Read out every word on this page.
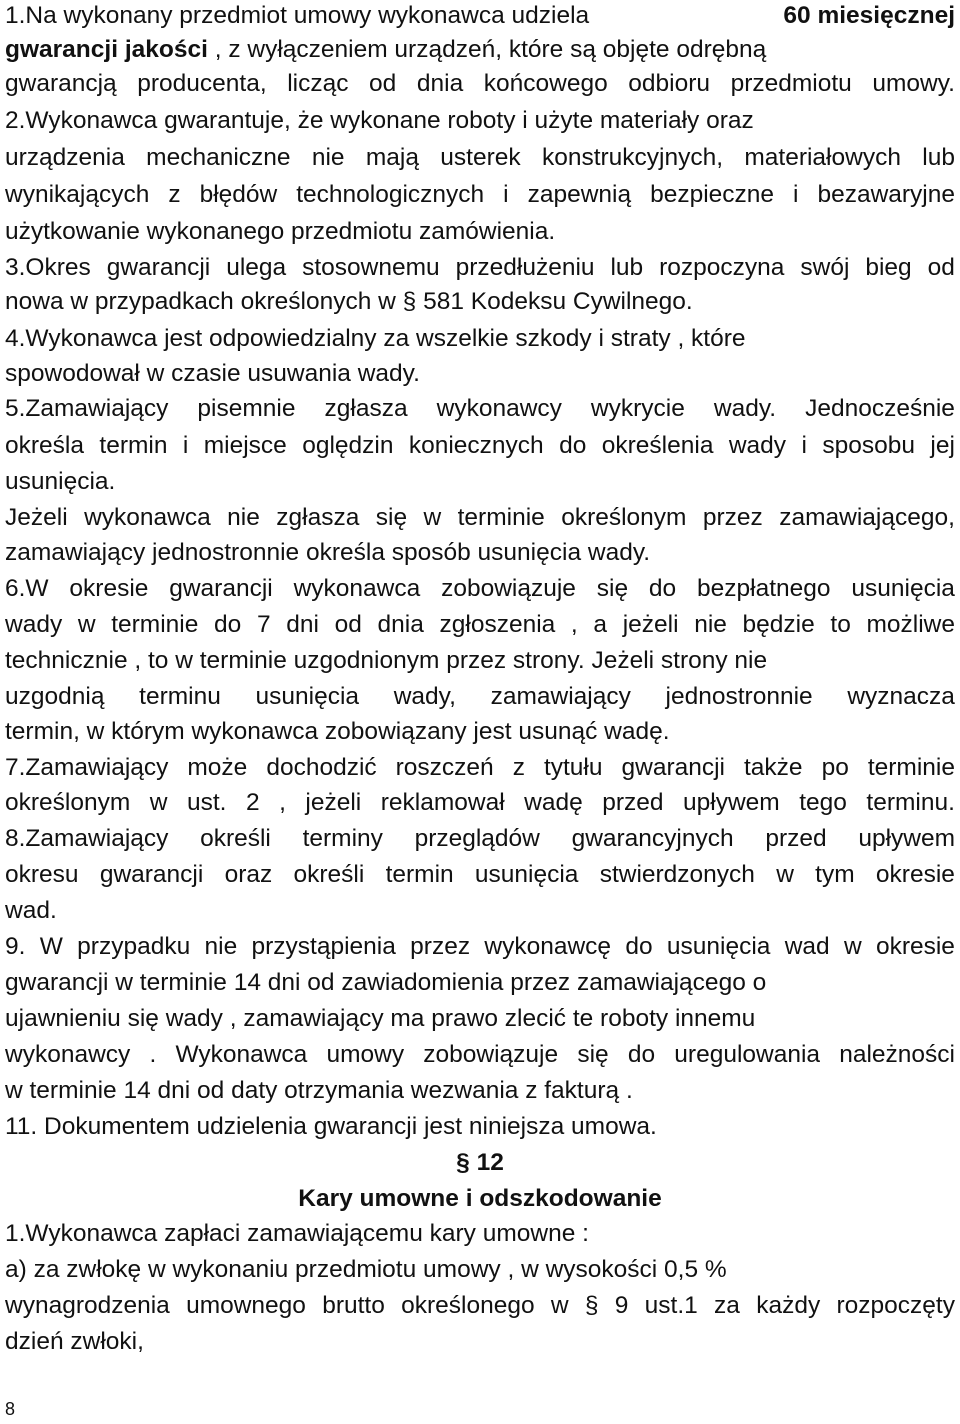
1.Na wykonany przedmiot umowy wykonawca udziela	60 miesięcznej
gwarancji jakości , z wyłączeniem urządzeń, które są objęte odrębną
gwarancją producenta, licząc od dnia końcowego odbioru przedmiotu umowy.
2.Wykonawca gwarantuje, że wykonane roboty i użyte materiały oraz
urządzenia mechaniczne nie mają usterek konstrukcyjnych, materiałowych lub
wynikających z błędów technologicznych i zapewnią bezpieczne i bezawaryjne
użytkowanie wykonanego przedmiotu zamówienia.
3.Okres gwarancji ulega stosownemu przedłużeniu lub rozpoczyna swój bieg od
nowa w przypadkach określonych w § 581 Kodeksu Cywilnego.
4.Wykonawca jest odpowiedzialny za wszelkie szkody i straty , które
spowodował w czasie usuwania wady.
5.Zamawiający pisemnie zgłasza wykonawcy wykrycie wady. Jednocześnie
określa termin i miejsce oględzin koniecznych do określenia wady i sposobu jej
usunięcia.
Jeżeli wykonawca nie zgłasza się w terminie określonym przez zamawiającego,
zamawiający jednostronnie określa sposób usunięcia wady.
6.W okresie gwarancji wykonawca zobowiązuje się do bezpłatnego usunięcia
wady w terminie do 7 dni od dnia zgłoszenia , a jeżeli nie będzie to możliwe
technicznie , to w terminie uzgodnionym przez strony. Jeżeli strony nie
uzgodnią terminu usunięcia wady, zamawiający jednostronnie wyznacza
termin, w którym wykonawca zobowiązany jest usunąć wadę.
7.Zamawiający może dochodzić roszczeń z tytułu gwarancji także po terminie
określonym w ust. 2 , jeżeli reklamował wadę przed upływem tego terminu.
8.Zamawiający określi terminy przeglądów gwarancyjnych przed upływem
okresu gwarancji oraz określi termin usunięcia stwierdzonych w tym okresie
wad.
9. W przypadku nie przystąpienia przez wykonawcę do usunięcia wad w okresie
gwarancji w terminie 14 dni od zawiadomienia przez zamawiającego o
ujawnieniu się wady , zamawiający ma prawo zlecić te roboty innemu
wykonawcy . Wykonawca umowy zobowiązuje się do uregulowania należności
w terminie 14 dni od daty otrzymania wezwania z fakturą .
11. Dokumentem udzielenia gwarancji jest niniejsza umowa.
§ 12
Kary umowne i odszkodowanie
1.Wykonawca zapłaci zamawiającemu kary umowne :
a) za zwłokę w wykonaniu przedmiotu umowy , w wysokości 0,5 %
wynagrodzenia umownego brutto określonego w § 9 ust.1 za każdy rozpoczęty
dzień zwłoki,
8
